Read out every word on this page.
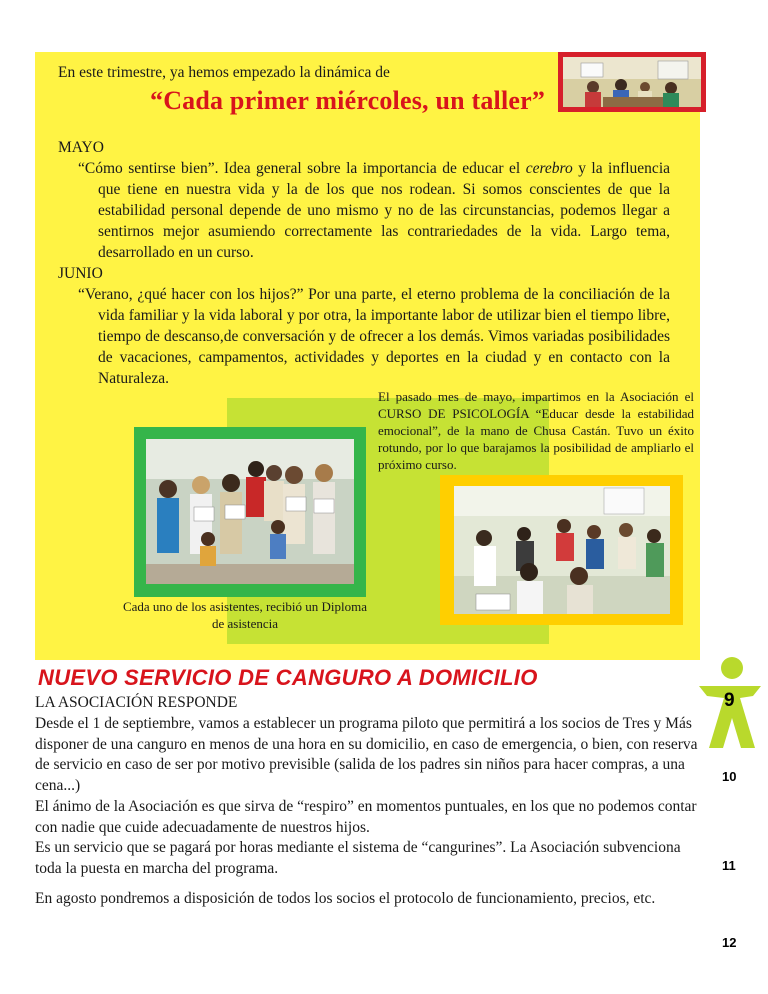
En este trimestre, ya hemos empezado la dinámica de
“Cada primer miércoles, un taller”
MAYO
“Cómo sentirse bien”. Idea general sobre la importancia de educar el cerebro y la influencia que tiene en nuestra vida y la de los que nos rodean. Si somos conscientes de que la estabilidad personal depende de uno mismo y no de las circunstancias, podemos llegar a sentirnos mejor asumiendo correctamente las contrariedades de la vida. Largo tema, desarrollado en un curso.
JUNIO
“Verano, ¿qué hacer con los hijos?” Por una parte, el eterno problema de la conciliación de la vida familiar y la vida laboral y por otra, la importante labor de utilizar bien el tiempo libre, tiempo de descanso,de conversación y de ofrecer a los demás. Vimos variadas posibilidades de vacaciones, campamentos, actividades y deportes en la ciudad y en contacto con la Naturaleza.
Cada uno de los asistentes, recibió un Diploma de asistencia
El pasado mes de mayo, impartimos en la Asociación el CURSO DE PSICOLOGÍA “Educar desde la estabilidad emocional”, de la mano de Chusa Castán. Tuvo un éxito rotundo, por lo que barajamos la posibilidad de ampliarlo el próximo curso.
NUEVO SERVICIO DE CANGURO A DOMICILIO
LA ASOCIACIÓN RESPONDE
Desde el 1 de septiembre, vamos a establecer un programa piloto que permitirá a los socios de Tres y Más disponer de una canguro en menos de una hora en su domicilio, en caso de emergencia, o bien, con reserva de servicio en caso de ser por motivo previsible (salida de los padres sin niños para hacer compras, a una cena...)
El ánimo de la Asociación es que sirva de “respiro” en momentos puntuales, en los que no podemos contar con nadie que cuide adecuadamente de nuestros hijos.
Es un servicio que se pagará por horas mediante el sistema de “cangurines”. La Asociación subvenciona toda la puesta en marcha del programa.
En agosto pondremos a disposición de todos los socios el protocolo de funcionamiento, precios, etc.
9
10
11
12
